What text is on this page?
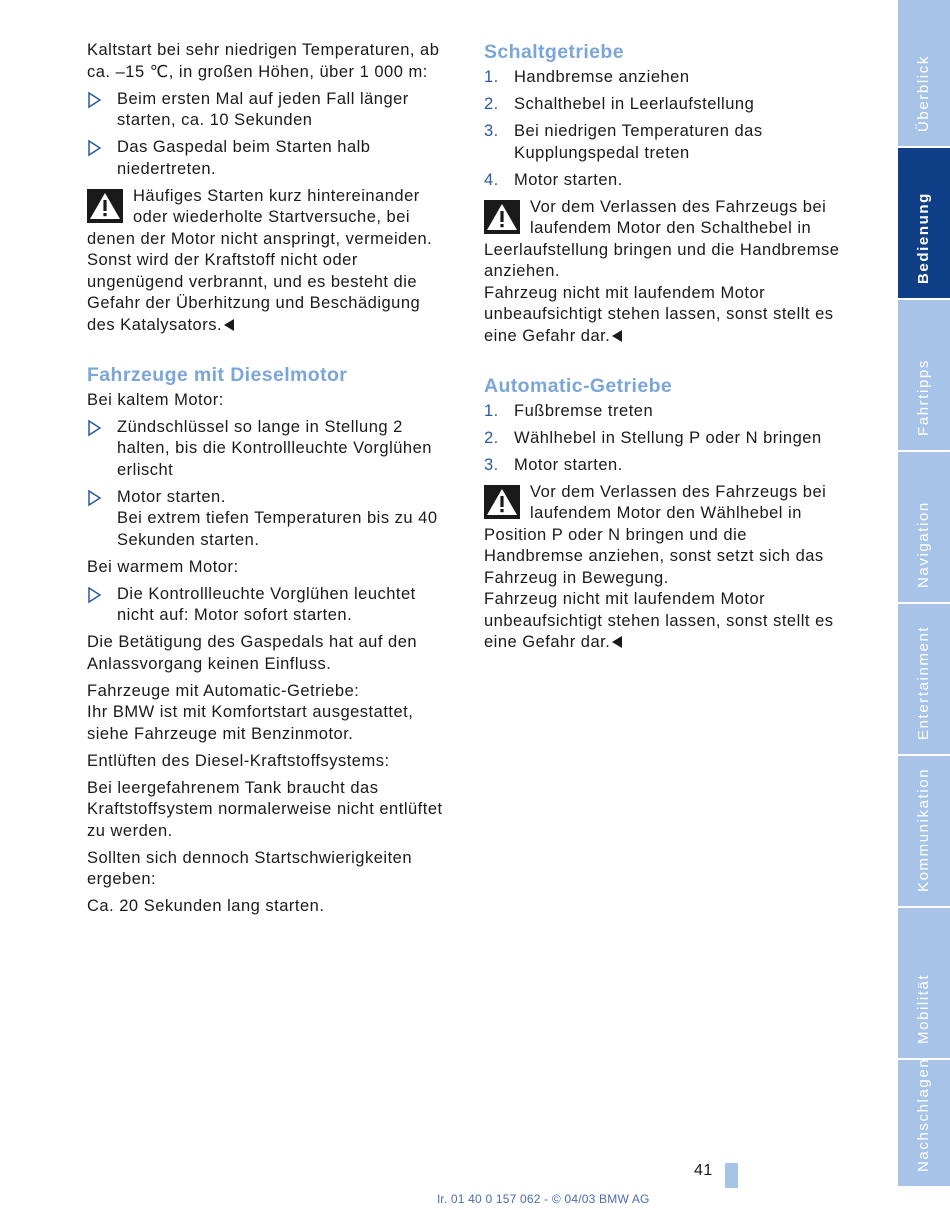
Kaltstart bei sehr niedrigen Temperaturen, ab ca. –15 ℃, in großen Höhen, über 1 000 m:

Beim ersten Mal auf jeden Fall länger starten, ca. 10 Sekunden
Das Gaspedal beim Starten halb niedertreten.
Häufiges Starten kurz hintereinander oder wiederholte Startversuche, bei denen der Motor nicht anspringt, vermeiden. Sonst wird der Kraftstoff nicht oder ungenügend verbrannt, und es besteht die Gefahr der Überhitzung und Beschädigung des Katalysators.
Fahrzeuge mit Dieselmotor

Bei kaltem Motor:

Zündschlüssel so lange in Stellung 2 halten, bis die Kontrollleuchte Vorglühen erlischt
Motor starten.
Bei extrem tiefen Temperaturen bis zu 40 Sekunden starten.

Bei warmem Motor:

Die Kontrollleuchte Vorglühen leuchtet nicht auf: Motor sofort starten.

Die Betätigung des Gaspedals hat auf den Anlassvorgang keinen Einfluss.

Fahrzeuge mit Automatic-Getriebe:
Ihr BMW ist mit Komfortstart ausgestattet, siehe Fahrzeuge mit Benzinmotor.

Entlüften des Diesel-Kraftstoffsystems:

Bei leergefahrenem Tank braucht das Kraftstoffsystem normalerweise nicht entlüftet zu werden.

Sollten sich dennoch Startschwierigkeiten ergeben:

Ca. 20 Sekunden lang starten.

Schaltgetriebe
1. Handbremse anziehen
2. Schalthebel in Leerlaufstellung
3. Bei niedrigen Temperaturen das Kupplungspedal treten
4. Motor starten.
Vor dem Verlassen des Fahrzeugs bei laufendem Motor den Schalthebel in Leerlaufstellung bringen und die Handbremse anziehen.
Fahrzeug nicht mit laufendem Motor unbeaufsichtigt stehen lassen, sonst stellt es eine Gefahr dar.
Automatic-Getriebe
1. Fußbremse treten
2. Wählhebel in Stellung P oder N bringen
3. Motor starten.
Vor dem Verlassen des Fahrzeugs bei laufendem Motor den Wählhebel in Position P oder N bringen und die Handbremse anziehen, sonst setzt sich das Fahrzeug in Bewegung.
Fahrzeug nicht mit laufendem Motor unbeaufsichtigt stehen lassen, sonst stellt es eine Gefahr dar.
Überblick
Bedienung
Fahrtipps
Navigation
Entertainment
Kommunikation
Mobilität
Nachschlagen
41
lr. 01 40 0 157 062 - © 04/03 BMW AG
